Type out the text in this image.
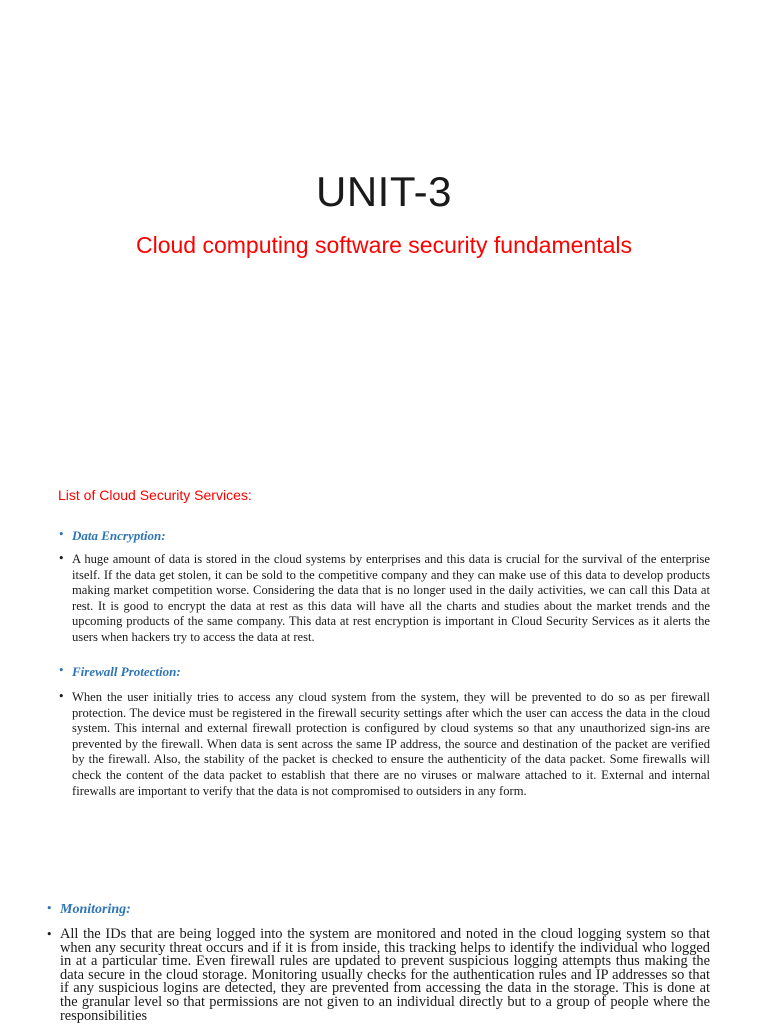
UNIT-3
Cloud computing software security fundamentals
List of Cloud Security Services:
• Data Encryption:
• A huge amount of data is stored in the cloud systems by enterprises and this data is crucial for the survival of the enterprise itself. If the data get stolen, it can be sold to the competitive company and they can make use of this data to develop products making market competition worse. Considering the data that is no longer used in the daily activities, we can call this Data at rest. It is good to encrypt the data at rest as this data will have all the charts and studies about the market trends and the upcoming products of the same company. This data at rest encryption is important in Cloud Security Services as it alerts the users when hackers try to access the data at rest.
• Firewall Protection:
• When the user initially tries to access any cloud system from the system, they will be prevented to do so as per firewall protection. The device must be registered in the firewall security settings after which the user can access the data in the cloud system. This internal and external firewall protection is configured by cloud systems so that any unauthorized sign-ins are prevented by the firewall. When data is sent across the same IP address, the source and destination of the packet are verified by the firewall. Also, the stability of the packet is checked to ensure the authenticity of the data packet. Some firewalls will check the content of the data packet to establish that there are no viruses or malware attached to it. External and internal firewalls are important to verify that the data is not compromised to outsiders in any form.
• Monitoring:
• All the IDs that are being logged into the system are monitored and noted in the cloud logging system so that when any security threat occurs and if it is from inside, this tracking helps to identify the individual who logged in at a particular time. Even firewall rules are updated to prevent suspicious logging attempts thus making the data secure in the cloud storage. Monitoring usually checks for the authentication rules and IP addresses so that if any suspicious logins are detected, they are prevented from accessing the data in the storage. This is done at the granular level so that permissions are not given to an individual directly but to a group of people where the responsibilities
